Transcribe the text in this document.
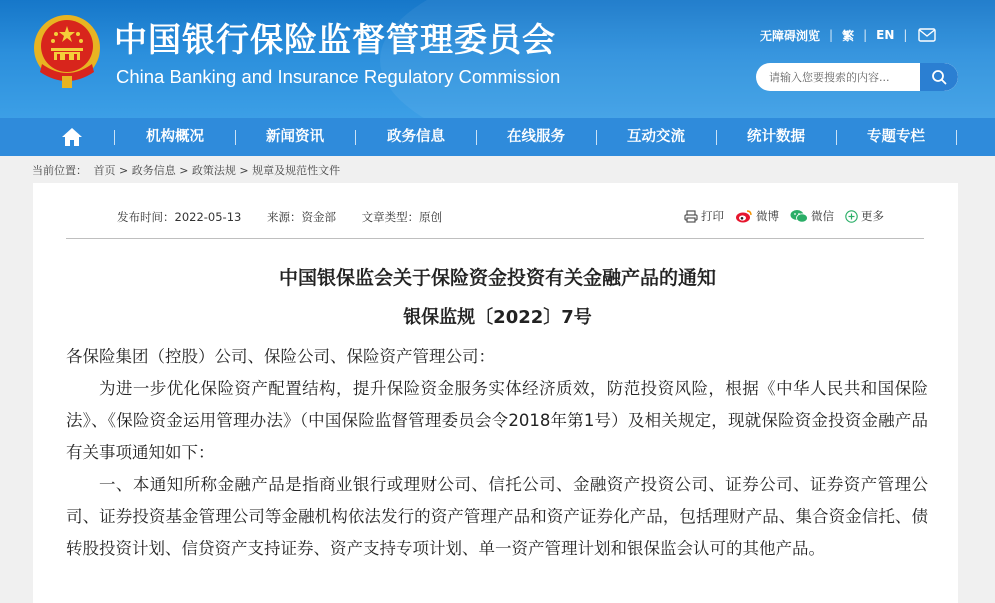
中国银行保险监督管理委员会
China Banking and Insurance Regulatory Commission
无障碍浏览 | 繁 | EN |
请输入您要搜索的内容...
机构概况	新闻资讯	政务信息	在线服务	互动交流	统计数据	专题专栏
当前位置： 首页 > 政务信息 > 政策法规 > 规章及规范性文件
发布时间：2022-05-13 来源：资金部 文章类型：原创	打印	微博	微信 更多
中国银保监会关于保险资金投资有关金融产品的通知
银保监规〔2022〕7号
各保险集团（控股）公司、保险公司、保险资产管理公司：
为进一步优化保险资产配置结构，提升保险资金服务实体经济质效，防范投资风险，根据《中华人民共和国保险法》、《保险资金运用管理办法》（中国保险监督管理委员会令2018年第1号）及相关规定，现就保险资金投资金融产品有关事项通知如下：
一、本通知所称金融产品是指商业银行或理财公司、信托公司、金融资产投资公司、证券公司、证券资产管理公司、证券投资基金管理公司等金融机构依法发行的资产管理产品和资产证券化产品，包括理财产品、集合资金信托、债转股投资计划、信贷资产支持证券、资产支持专项计划、单一资产管理计划和银保监会认可的其他产品。
